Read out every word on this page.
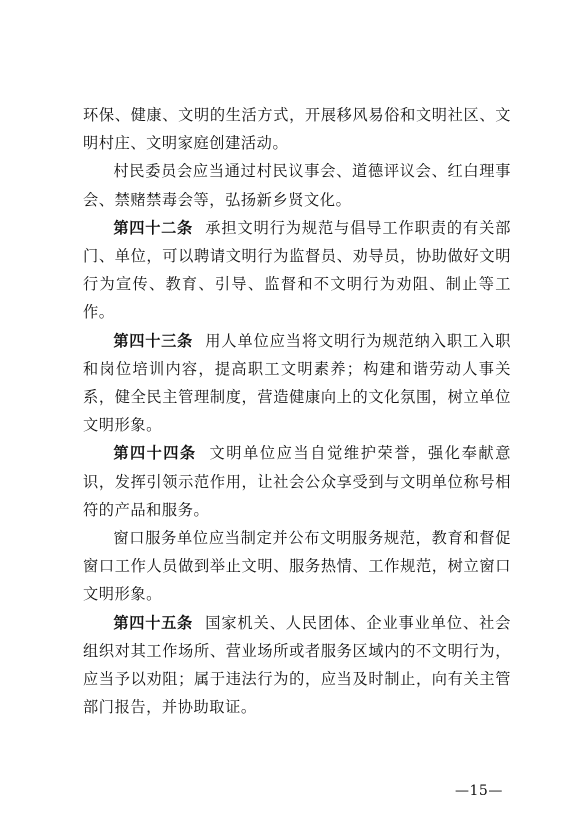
环保、健康、文明的生活方式，开展移风易俗和文明社区、文明村庄、文明家庭创建活动。

村民委员会应当通过村民议事会、道德评议会、红白理事会、禁赌禁毒会等，弘扬新乡贤文化。

第四十二条 承担文明行为规范与倡导工作职责的有关部门、单位，可以聘请文明行为监督员、劝导员，协助做好文明行为宣传、教育、引导、监督和不文明行为劝阻、制止等工作。

第四十三条 用人单位应当将文明行为规范纳入职工入职和岗位培训内容，提高职工文明素养；构建和谐劳动人事关系，健全民主管理制度，营造健康向上的文化氛围，树立单位文明形象。

第四十四条 文明单位应当自觉维护荣誉，强化奉献意识，发挥引领示范作用，让社会公众享受到与文明单位称号相符的产品和服务。

窗口服务单位应当制定并公布文明服务规范，教育和督促窗口工作人员做到举止文明、服务热情、工作规范，树立窗口文明形象。

第四十五条 国家机关、人民团体、企业事业单位、社会组织对其工作场所、营业场所或者服务区域内的不文明行为，应当予以劝阻；属于违法行为的，应当及时制止，向有关主管部门报告，并协助取证。

—15—
